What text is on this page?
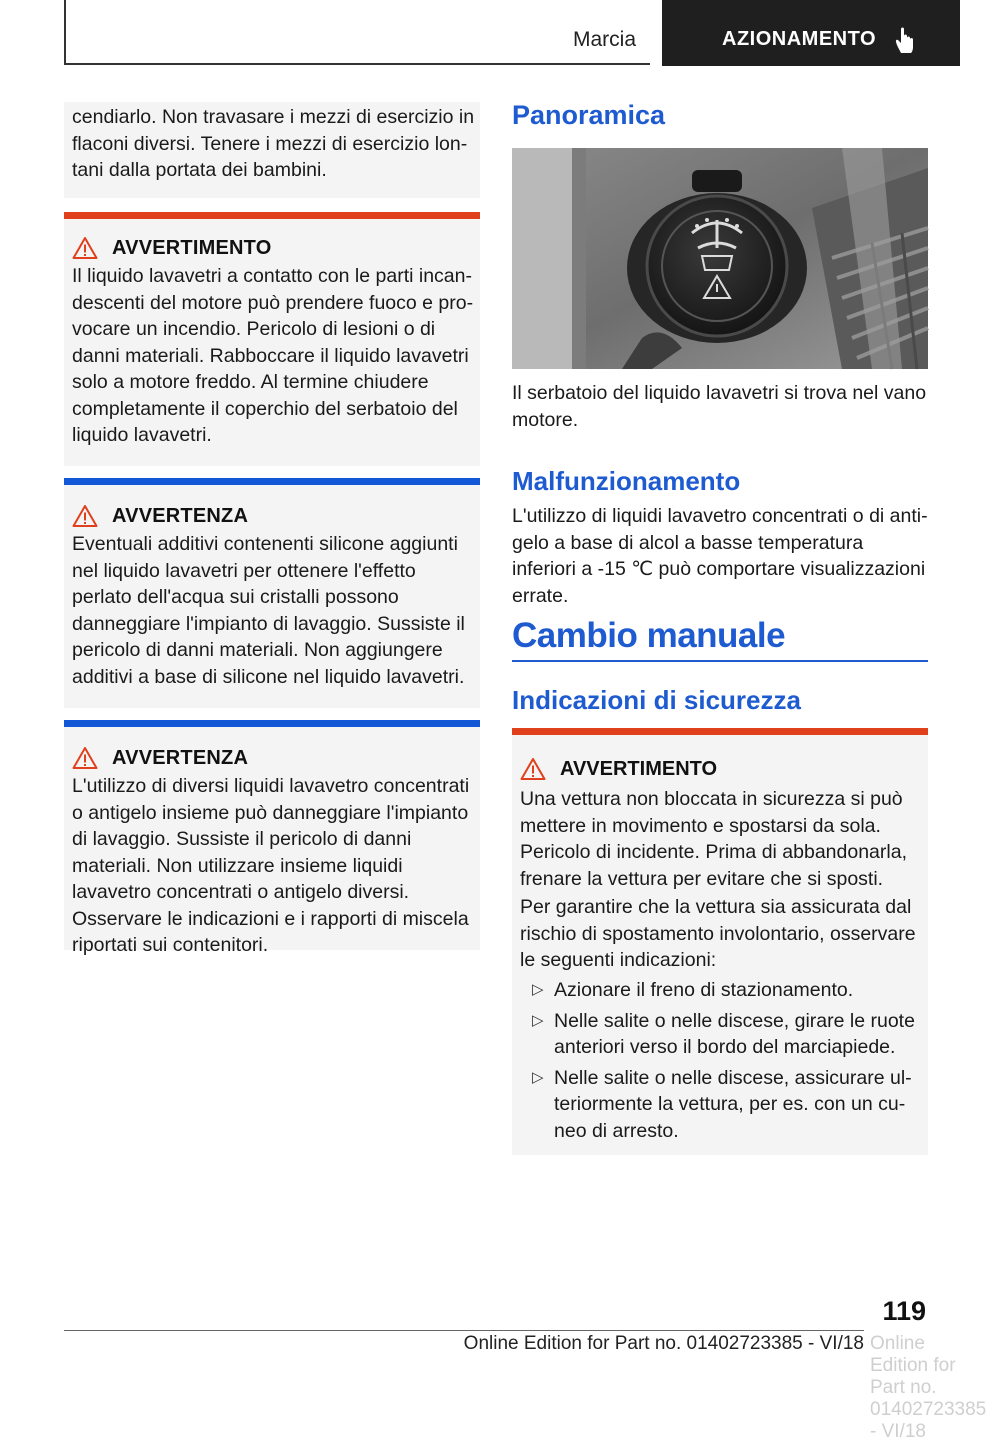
Marcia	AZIONAMENTO
cendiarlo. Non travasare i mezzi di esercizio in flaconi diversi. Tenere i mezzi di esercizio lontani dalla portata dei bambini.
AVVERTIMENTO
Il liquido lavavetri a contatto con le parti incandescenti del motore può prendere fuoco e provocare un incendio. Pericolo di lesioni o di danni materiali. Rabboccare il liquido lavavetri solo a motore freddo. Al termine chiudere completamente il coperchio del serbatoio del liquido lavavetri.
AVVERTENZA
Eventuali additivi contenenti silicone aggiunti nel liquido lavavetri per ottenere l'effetto perlato dell'acqua sui cristalli possono danneggiare l'impianto di lavaggio. Sussiste il pericolo di danni materiali. Non aggiungere additivi a base di silicone nel liquido lavavetri.
AVVERTENZA
L'utilizzo di diversi liquidi lavavetro concentrati o antigelo insieme può danneggiare l'impianto di lavaggio. Sussiste il pericolo di danni materiali. Non utilizzare insieme liquidi lavavetro concentrati o antigelo diversi. Osservare le indicazioni e i rapporti di miscela riportati sui contenitori.
Panoramica

Il serbatoio del liquido lavavetri si trova nel vano motore.

Malfunzionamento

L'utilizzo di liquidi lavavetro concentrati o di antigelo a base di alcol a basse temperatura inferiori a -15 ℃ può comportare visualizzazioni errate.

Cambio manuale
Indicazioni di sicurezza
AVVERTIMENTO
Una vettura non bloccata in sicurezza si può mettere in movimento e spostarsi da sola. Pericolo di incidente. Prima di abbandonarla, frenare la vettura per evitare che si sposti.
Per garantire che la vettura sia assicurata dal rischio di spostamento involontario, osservare le seguenti indicazioni:
▷ Azionare il freno di stazionamento.
▷ Nelle salite o nelle discese, girare le ruote anteriori verso il bordo del marciapiede.
▷ Nelle salite o nelle discese, assicurare ulteriormente la vettura, per es. con un cuneo di arresto.
119
Online Edition for Part no. 01402723385 - VI/18 Online Edition for Part no. 01402723385 - VI/18
